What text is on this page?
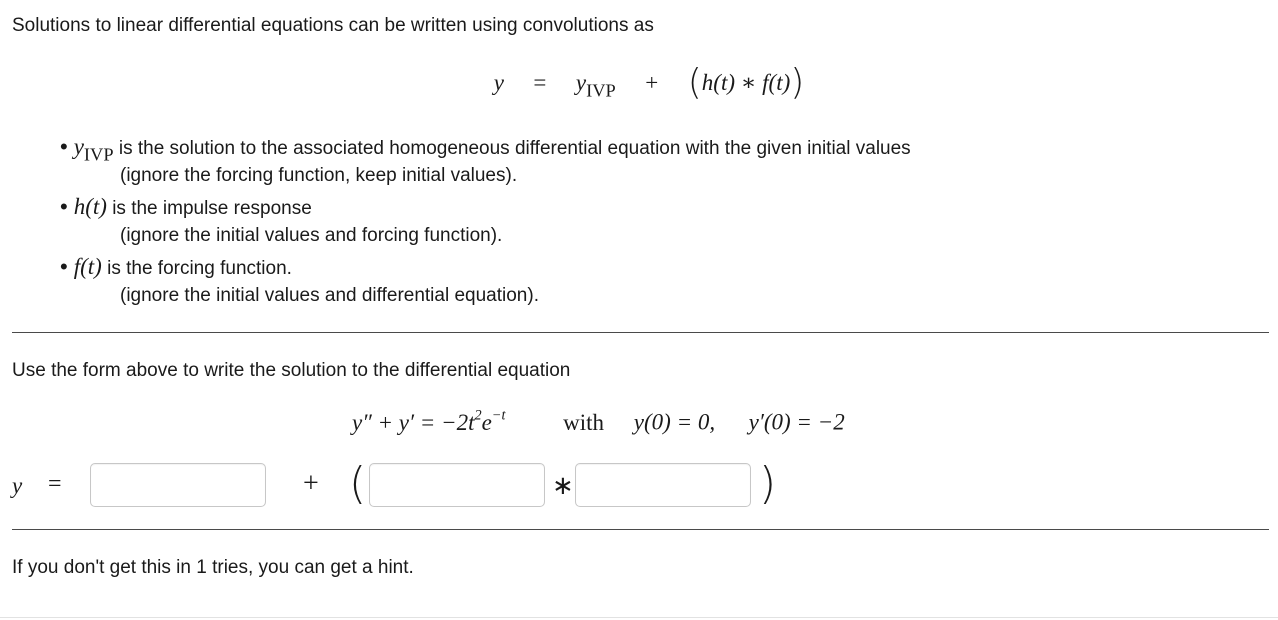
Solutions to linear differential equations can be written using convolutions as
$y = y_{IVP} + (h(t)$ ∗ f(t))
• $y_{IVP}$ is the solution to the associated homogeneous differential equation with the given initial values
(ignore the forcing function, keep initial values).
• h(t) is the impulse response
(ignore the initial values and forcing function).
• f(t) is the forcing function.
(ignore the initial values and differential equation).
Use the form above to write the solution to the differential equation
$y'' + y' = -2t^2e^{-t}$	with y(0) = 0, y′(0) = −2
y =	+ (	∗	)
If you don't get this in 1 tries, you can get a hint.
